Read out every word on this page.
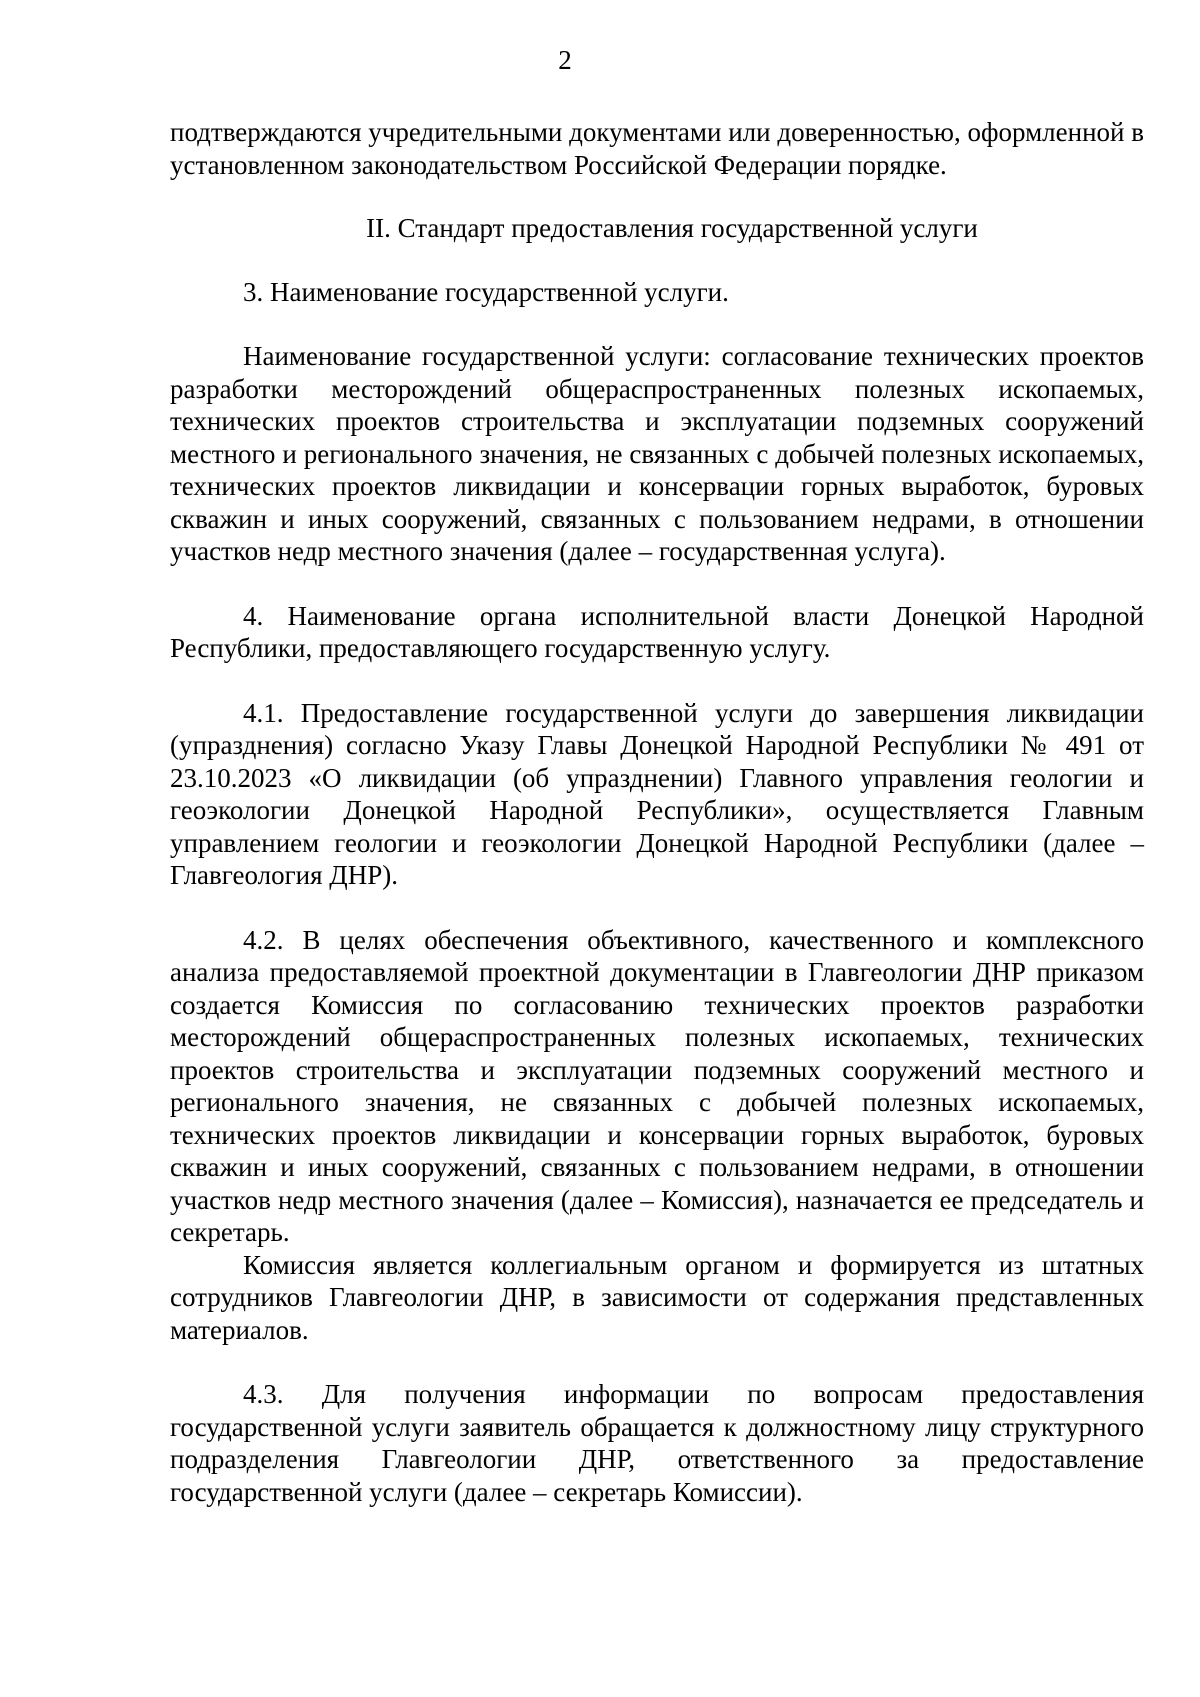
2

подтверждаются учредительными документами или доверенностью, оформленной в установленном законодательством Российской Федерации порядке.

II. Стандарт предоставления государственной услуги

3. Наименование государственной услуги.

Наименование государственной услуги: согласование технических проектов разработки месторождений общераспространенных полезных ископаемых, технических проектов строительства и эксплуатации подземных сооружений местного и регионального значения, не связанных с добычей полезных ископаемых, технических проектов ликвидации и консервации горных выработок, буровых скважин и иных сооружений, связанных с пользованием недрами, в отношении участков недр местного значения (далее – государственная услуга).

4. Наименование органа исполнительной власти Донецкой Народной Республики, предоставляющего государственную услугу.

4.1. Предоставление государственной услуги до завершения ликвидации (упразднения) согласно Указу Главы Донецкой Народной Республики № 491 от 23.10.2023 «О ликвидации (об упразднении) Главного управления геологии и геоэкологии Донецкой Народной Республики», осуществляется Главным управлением геологии и геоэкологии Донецкой Народной Республики (далее – Главгеология ДНР).

4.2. В целях обеспечения объективного, качественного и комплексного анализа предоставляемой проектной документации в Главгеологии ДНР приказом создается Комиссия по согласованию технических проектов разработки месторождений общераспространенных полезных ископаемых, технических проектов строительства и эксплуатации подземных сооружений местного и регионального значения, не связанных с добычей полезных ископаемых, технических проектов ликвидации и консервации горных выработок, буровых скважин и иных сооружений, связанных с пользованием недрами, в отношении участков недр местного значения (далее – Комиссия), назначается ее председатель и секретарь.

Комиссия является коллегиальным органом и формируется из штатных сотрудников Главгеологии ДНР, в зависимости от содержания представленных материалов.

4.3. Для получения информации по вопросам предоставления государственной услуги заявитель обращается к должностному лицу структурного подразделения Главгеологии ДНР, ответственного за предоставление государственной услуги (далее – секретарь Комиссии).
